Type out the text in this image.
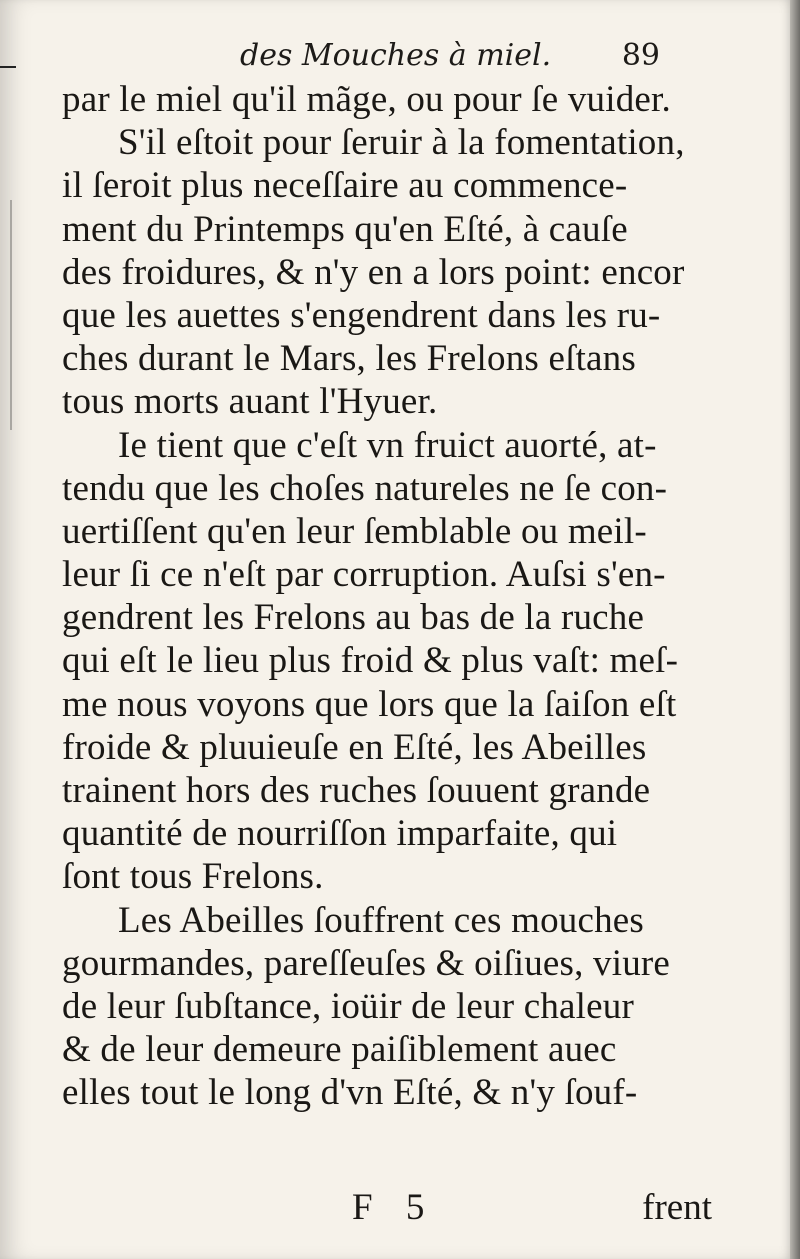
des Mouches à miel. 89
par le miel qu'il mãge, ou pour ſe vuider.
S'il eſtoit pour ſeruir à la fomentation,
il ſeroit plus neceſſaire au commence-
ment du Printemps qu'en Eſté, à cauſe
des froidures, & n'y en a lors point: encor
que les auettes s'engendrent dans les ru-
ches durant le Mars, les Frelons eſtans
tous morts auant l'Hyuer.
Ie tient que c'eſt vn fruict auorté, at-
tendu que les choſes natureles ne ſe con-
uertiſſent qu'en leur ſemblable ou meil-
leur ſi ce n'eſt par corruption. Auſsi s'en-
gendrent les Frelons au bas de la ruche
qui eſt le lieu plus froid & plus vaſt: meſ-
me nous voyons que lors que la ſaiſon eſt
froide & pluuieuſe en Eſté, les Abeilles
trainent hors des ruches ſouuent grande
quantité de nourriſſon imparfaite, qui
ſont tous Frelons.
Les Abeilles ſouffrent ces mouches
gourmandes, pareſſeuſes & oiſiues, viure
de leur ſubſtance, ioüir de leur chaleur
& de leur demeure paiſiblement auec
elles tout le long d'vn Eſté, & n'y ſouf-
F 5	frent
